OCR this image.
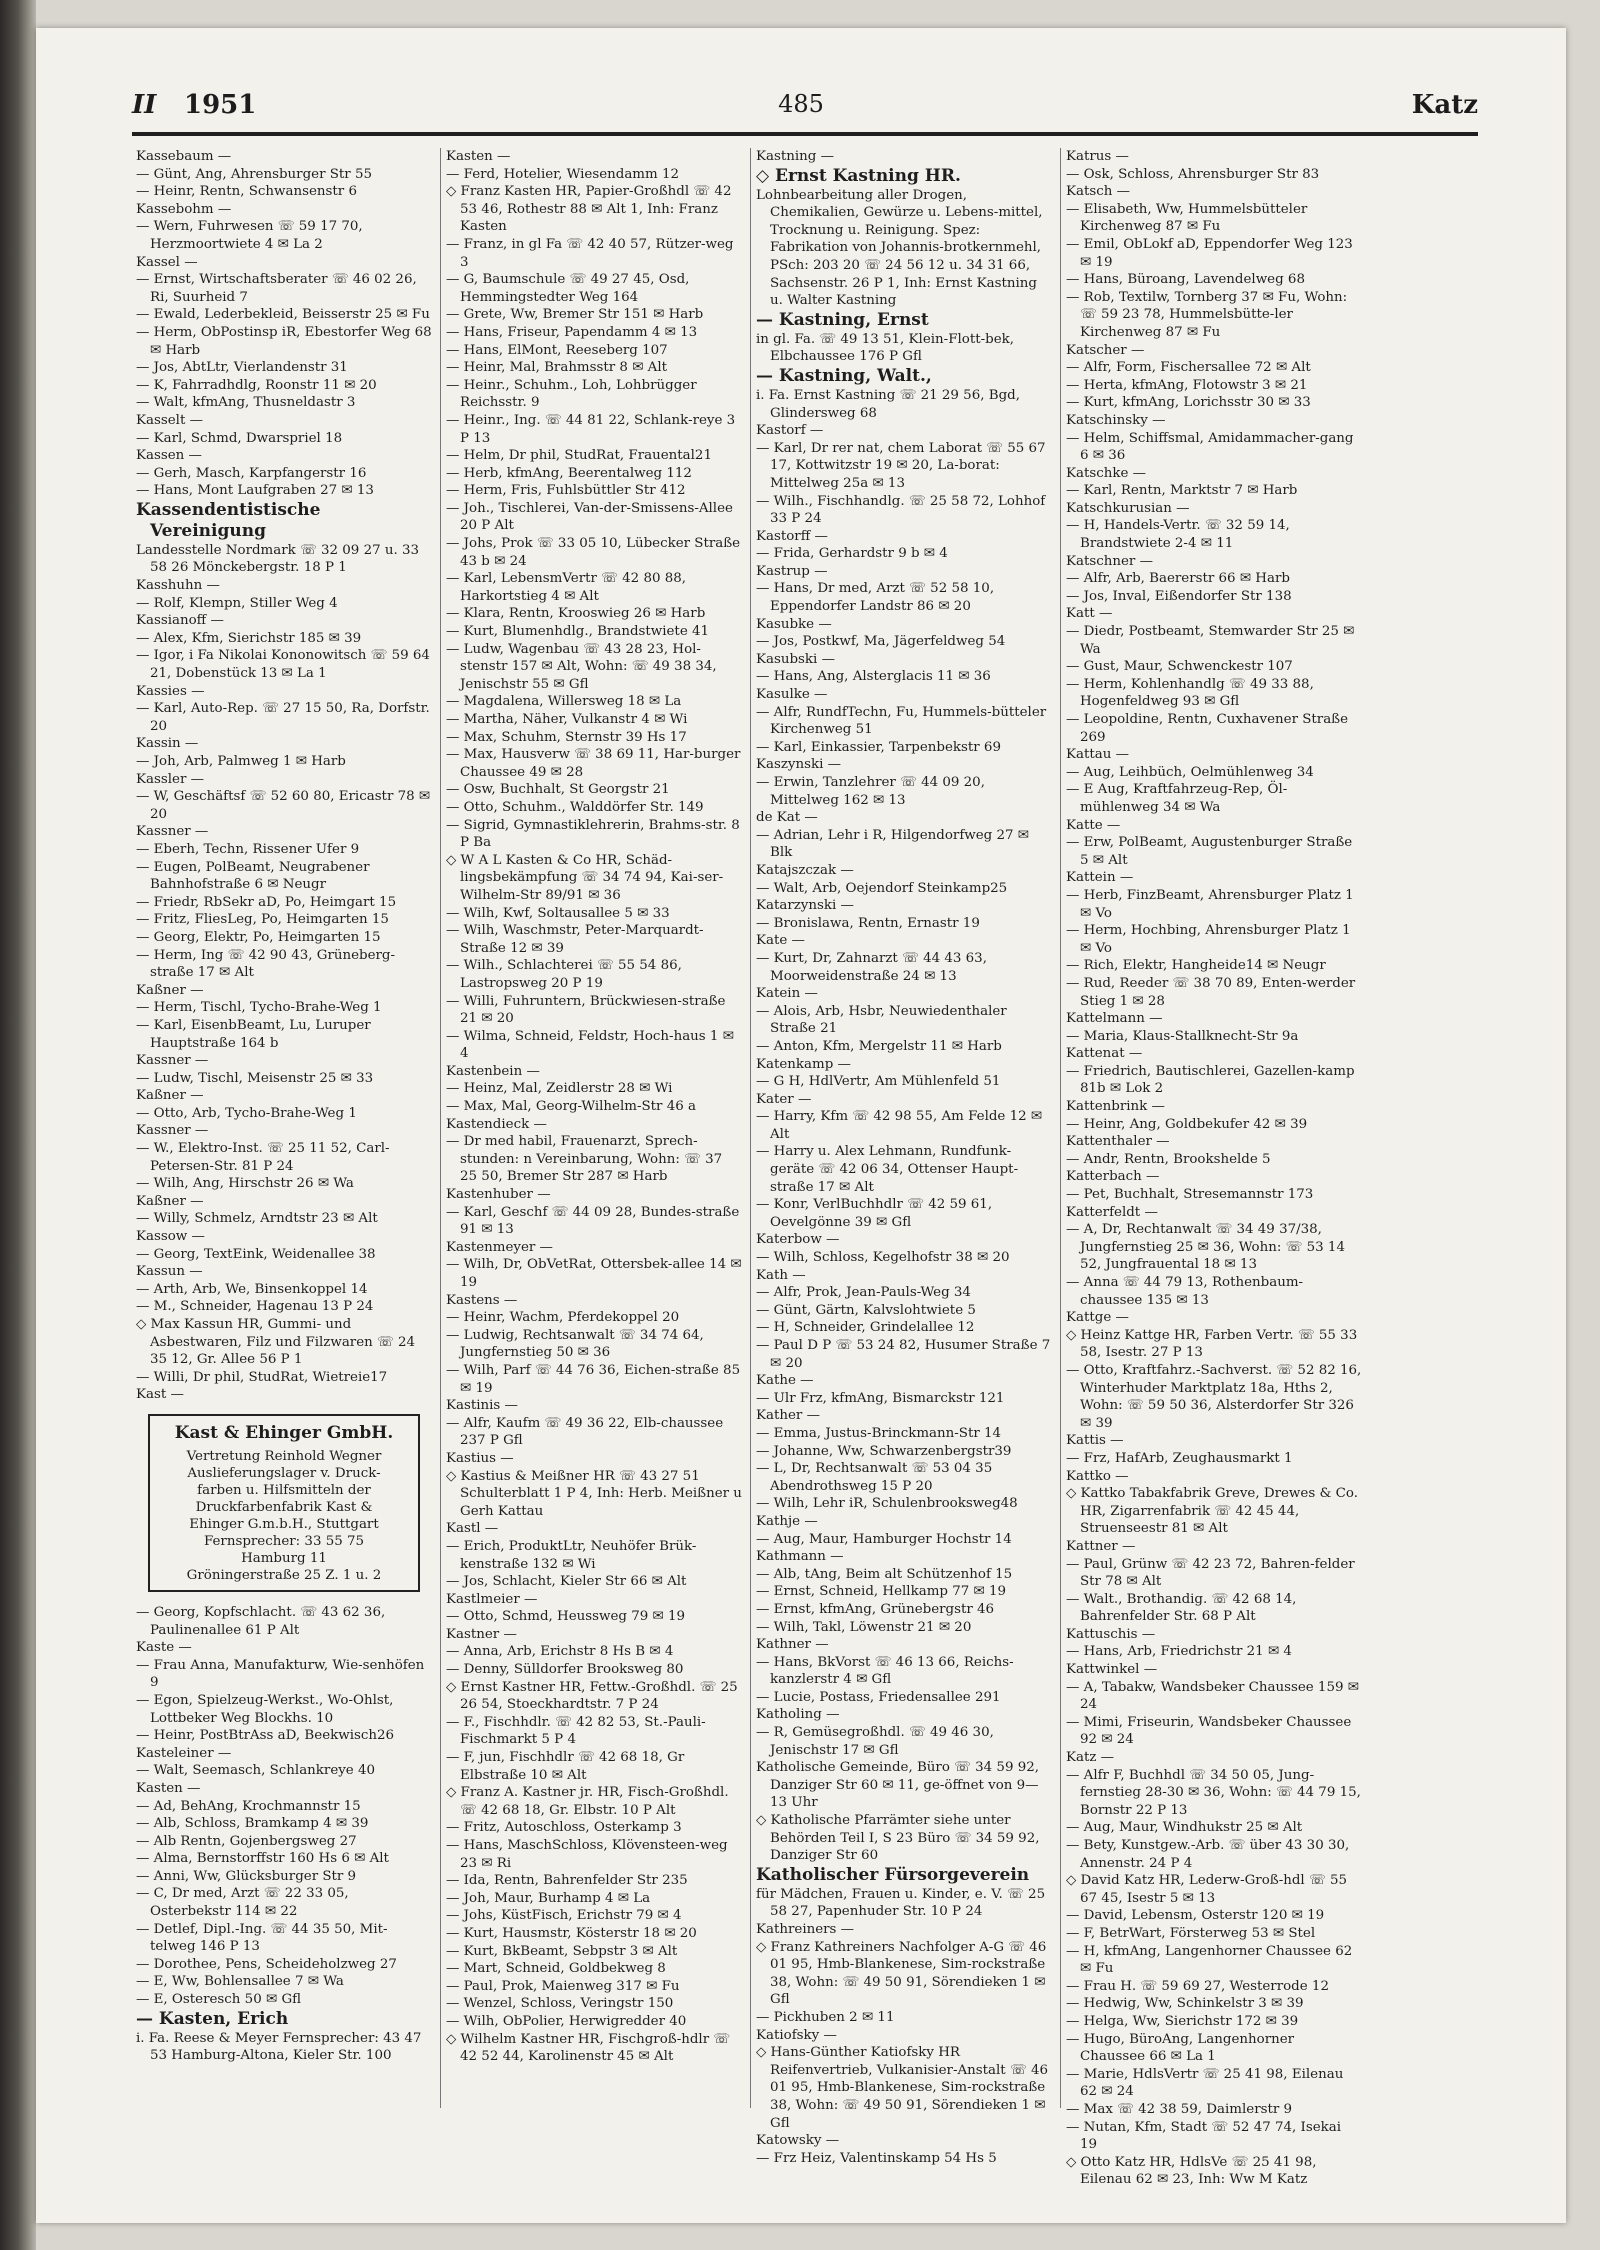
II 1951	485	Katz

Kassebaum —

— Günt, Ang, Ahrensburger Str 55

— Heinr, Rentn, Schwansenstr 6

Kassebohm —

— Wern, Fuhrwesen ☏ 59 17 70, Herzmoortwiete 4 ✉ La 2

Kassel —

— Ernst, Wirtschaftsberater ☏ 46 02 26, Ri, Suurheid 7

— Ewald, Lederbekleid, Beisserstr 25 ✉ Fu

— Herm, ObPostinsp iR, Ebestorfer Weg 68 ✉ Harb

— Jos, AbtLtr, Vierlandenstr 31

— K, Fahrradhdlg, Roonstr 11 ✉ 20

— Walt, kfmAng, Thusneldastr 3

Kasselt —

— Karl, Schmd, Dwarspriel 18

Kassen —

— Gerh, Masch, Karpfangerstr 16

— Hans, Mont Laufgraben 27 ✉ 13

Kassendentistische Vereinigung

Landesstelle Nordmark ☏ 32 09 27 u. 33 58 26 Mönckebergstr. 18 P 1

Kasshuhn —

— Rolf, Klempn, Stiller Weg 4

Kassianoff —

— Alex, Kfm, Sierichstr 185 ✉ 39

— Igor, i Fa Nikolai Kononowitsch ☏ 59 64 21, Dobenstück 13 ✉ La 1

Kassies —

— Karl, Auto-Rep. ☏ 27 15 50, Ra, Dorfstr. 20

Kassin —

— Joh, Arb, Palmweg 1 ✉ Harb

Kassler —

— W, Geschäftsf ☏ 52 60 80, Ericastr 78 ✉ 20

Kassner —

— Eberh, Techn, Rissener Ufer 9

— Eugen, PolBeamt, Neugrabener Bahnhofstraße 6 ✉ Neugr

— Friedr, RbSekr aD, Po, Heimgart 15

— Fritz, FliesLeg, Po, Heimgarten 15

— Georg, Elektr, Po, Heimgarten 15

— Herm, Ing ☏ 42 90 43, Grüneberg-straße 17 ✉ Alt

Kaßner —

— Herm, Tischl, Tycho-Brahe-Weg 1

— Karl, EisenbBeamt, Lu, Luruper Hauptstraße 164 b

Kassner —

— Ludw, Tischl, Meisenstr 25 ✉ 33

Kaßner —

— Otto, Arb, Tycho-Brahe-Weg 1

Kassner —

— W., Elektro-Inst. ☏ 25 11 52, Carl-Petersen-Str. 81 P 24

— Wilh, Ang, Hirschstr 26 ✉ Wa

Kaßner —

— Willy, Schmelz, Arndtstr 23 ✉ Alt

Kassow —

— Georg, TextEink, Weidenallee 38

Kassun —

— Arth, Arb, We, Binsenkoppel 14

— M., Schneider, Hagenau 13 P 24

◇ Max Kassun HR, Gummi- und Asbestwaren, Filz und Filzwaren ☏ 24 35 12, Gr. Allee 56 P 1

— Willi, Dr phil, StudRat, Wietreie17

Kast —

Kast & Ehinger GmbH.
Vertretung Reinhold Wegner
Auslieferungslager v. Druck-
farben u. Hilfsmitteln der
Druckfarbenfabrik Kast &
Ehinger G.m.b.H., Stuttgart
Fernsprecher: 33 55 75
Hamburg 11
Gröningerstraße 25 Z. 1 u. 2

— Georg, Kopfschlacht. ☏ 43 62 36, Paulinenallee 61 P Alt

Kaste —

— Frau Anna, Manufakturw, Wie-senhöfen 9

— Egon, Spielzeug-Werkst., Wo-Ohlst, Lottbeker Weg Blockhs. 10

— Heinr, PostBtrAss aD, Beekwisch26

Kasteleiner —

— Walt, Seemasch, Schlankreye 40

Kasten —

— Ad, BehAng, Krochmannstr 15

— Alb, Schloss, Bramkamp 4 ✉ 39

— Alb Rentn, Gojenbergsweg 27

— Alma, Bernstorffstr 160 Hs 6 ✉ Alt

— Anni, Ww, Glücksburger Str 9

— C, Dr med, Arzt ☏ 22 33 05, Osterbekstr 114 ✉ 22

— Detlef, Dipl.-Ing. ☏ 44 35 50, Mit-telweg 146 P 13

— Dorothee, Pens, Scheideholzweg 27

— E, Ww, Bohlensallee 7 ✉ Wa

— E, Osteresch 50 ✉ Gfl

— Kasten, Erich

i. Fa. Reese & Meyer Fernsprecher: 43 47 53 Hamburg-Altona, Kieler Str. 100

Kasten —

— Ferd, Hotelier, Wiesendamm 12

◇ Franz Kasten HR, Papier-Großhdl ☏ 42 53 46, Rothestr 88 ✉ Alt 1, Inh: Franz Kasten

— Franz, in gl Fa ☏ 42 40 57, Rützer-weg 3

— G, Baumschule ☏ 49 27 45, Osd, Hemmingstedter Weg 164

— Grete, Ww, Bremer Str 151 ✉ Harb

— Hans, Friseur, Papendamm 4 ✉ 13

— Hans, ElMont, Reeseberg 107

— Heinr, Mal, Brahmsstr 8 ✉ Alt

— Heinr., Schuhm., Loh, Lohbrügger Reichsstr. 9

— Heinr., Ing. ☏ 44 81 22, Schlank-reye 3 P 13

— Helm, Dr phil, StudRat, Frauental21

— Herb, kfmAng, Beerentalweg 112

— Herm, Fris, Fuhlsbüttler Str 412

— Joh., Tischlerei, Van-der-Smissens-Allee 20 P Alt

— Johs, Prok ☏ 33 05 10, Lübecker Straße 43 b ✉ 24

— Karl, LebensmVertr ☏ 42 80 88, Harkortstieg 4 ✉ Alt

— Klara, Rentn, Krooswieg 26 ✉ Harb

— Kurt, Blumenhdlg., Brandstwiete 41

— Ludw, Wagenbau ☏ 43 28 23, Hol-stenstr 157 ✉ Alt, Wohn: ☏ 49 38 34, Jenischstr 55 ✉ Gfl

— Magdalena, Willersweg 18 ✉ La

— Martha, Näher, Vulkanstr 4 ✉ Wi

— Max, Schuhm, Sternstr 39 Hs 17

— Max, Hausverw ☏ 38 69 11, Har-burger Chaussee 49 ✉ 28

— Osw, Buchhalt, St Georgstr 21

— Otto, Schuhm., Walddörfer Str. 149

— Sigrid, Gymnastiklehrerin, Brahms-str. 8 P Ba

◇ W A L Kasten & Co HR, Schäd-lingsbekämpfung ☏ 34 74 94, Kai-ser-Wilhelm-Str 89/91 ✉ 36

— Wilh, Kwf, Soltausallee 5 ✉ 33

— Wilh, Waschmstr, Peter-Marquardt-Straße 12 ✉ 39

— Wilh., Schlachterei ☏ 55 54 86, Lastropsweg 20 P 19

— Willi, Fuhruntern, Brückwiesen-straße 21 ✉ 20

— Wilma, Schneid, Feldstr, Hoch-haus 1 ✉ 4

Kastenbein —

— Heinz, Mal, Zeidlerstr 28 ✉ Wi

— Max, Mal, Georg-Wilhelm-Str 46 a

Kastendieck —

— Dr med habil, Frauenarzt, Sprech-stunden: n Vereinbarung, Wohn: ☏ 37 25 50, Bremer Str 287 ✉ Harb

Kastenhuber —

— Karl, Geschf ☏ 44 09 28, Bundes-straße 91 ✉ 13

Kastenmeyer —

— Wilh, Dr, ObVetRat, Ottersbek-allee 14 ✉ 19

Kastens —

— Heinr, Wachm, Pferdekoppel 20

— Ludwig, Rechtsanwalt ☏ 34 74 64, Jungfernstieg 50 ✉ 36

— Wilh, Parf ☏ 44 76 36, Eichen-straße 85 ✉ 19

Kastinis —

— Alfr, Kaufm ☏ 49 36 22, Elb-chaussee 237 P Gfl

Kastius —

◇ Kastius & Meißner HR ☏ 43 27 51 Schulterblatt 1 P 4, Inh: Herb. Meißner u Gerh Kattau

Kastl —

— Erich, ProduktLtr, Neuhöfer Brük-kenstraße 132 ✉ Wi

— Jos, Schlacht, Kieler Str 66 ✉ Alt

Kastlmeier —

— Otto, Schmd, Heussweg 79 ✉ 19

Kastner —

— Anna, Arb, Erichstr 8 Hs B ✉ 4

— Denny, Sülldorfer Brooksweg 80

◇ Ernst Kastner HR, Fettw.-Großhdl. ☏ 25 26 54, Stoeckhardtstr. 7 P 24

— F., Fischhdlr. ☏ 42 82 53, St.-Pauli-Fischmarkt 5 P 4

— F, jun, Fischhdlr ☏ 42 68 18, Gr Elbstraße 10 ✉ Alt

◇ Franz A. Kastner jr. HR, Fisch-Großhdl. ☏ 42 68 18, Gr. Elbstr. 10 P Alt

— Fritz, Autoschloss, Osterkamp 3

— Hans, MaschSchloss, Klövensteen-weg 23 ✉ Ri

— Ida, Rentn, Bahrenfelder Str 235

— Joh, Maur, Burhamp 4 ✉ La

— Johs, KüstFisch, Erichstr 79 ✉ 4

— Kurt, Hausmstr, Kösterstr 18 ✉ 20

— Kurt, BkBeamt, Sebpstr 3 ✉ Alt

— Mart, Schneid, Goldbekweg 8

— Paul, Prok, Maienweg 317 ✉ Fu

— Wenzel, Schloss, Veringstr 150

— Wilh, ObPolier, Herwigredder 40

◇ Wilhelm Kastner HR, Fischgroß-hdlr ☏ 42 52 44, Karolinenstr 45 ✉ Alt

Kastning —

◇ Ernst Kastning HR.

Lohnbearbeitung aller Drogen, Chemikalien, Gewürze u. Lebens-mittel, Trocknung u. Reinigung. Spez: Fabrikation von Johannis-brotkernmehl, PSch: 203 20 ☏ 24 56 12 u. 34 31 66, Sachsenstr. 26 P 1, Inh: Ernst Kastning u. Walter Kastning

— Kastning, Ernst

in gl. Fa. ☏ 49 13 51, Klein-Flott-bek, Elbchaussee 176 P Gfl

— Kastning, Walt.,

i. Fa. Ernst Kastning ☏ 21 29 56, Bgd, Glindersweg 68

Kastorf —

— Karl, Dr rer nat, chem Laborat ☏ 55 67 17, Kottwitzstr 19 ✉ 20, La-borat: Mittelweg 25a ✉ 13

— Wilh., Fischhandlg. ☏ 25 58 72, Lohhof 33 P 24

Kastorff —

— Frida, Gerhardstr 9 b ✉ 4

Kastrup —

— Hans, Dr med, Arzt ☏ 52 58 10, Eppendorfer Landstr 86 ✉ 20

Kasubke —

— Jos, Postkwf, Ma, Jägerfeldweg 54

Kasubski —

— Hans, Ang, Alsterglacis 11 ✉ 36

Kasulke —

— Alfr, RundfTechn, Fu, Hummels-bütteler Kirchenweg 51

— Karl, Einkassier, Tarpenbekstr 69

Kaszynski —

— Erwin, Tanzlehrer ☏ 44 09 20, Mittelweg 162 ✉ 13

de Kat —

— Adrian, Lehr i R, Hilgendorfweg 27 ✉ Blk

Katajszczak —

— Walt, Arb, Oejendorf Steinkamp25

Katarzynski —

— Bronislawa, Rentn, Ernastr 19

Kate —

— Kurt, Dr, Zahnarzt ☏ 44 43 63, Moorweidenstraße 24 ✉ 13

Katein —

— Alois, Arb, Hsbr, Neuwiedenthaler Straße 21

— Anton, Kfm, Mergelstr 11 ✉ Harb

Katenkamp —

— G H, HdlVertr, Am Mühlenfeld 51

Kater —

— Harry, Kfm ☏ 42 98 55, Am Felde 12 ✉ Alt

— Harry u. Alex Lehmann, Rundfunk-geräte ☏ 42 06 34, Ottenser Haupt-straße 17 ✉ Alt

— Konr, VerlBuchhdlr ☏ 42 59 61, Oevelgönne 39 ✉ Gfl

Katerbow —

— Wilh, Schloss, Kegelhofstr 38 ✉ 20

Kath —

— Alfr, Prok, Jean-Pauls-Weg 34

— Günt, Gärtn, Kalvslohtwiete 5

— H, Schneider, Grindelallee 12

— Paul D P ☏ 53 24 82, Husumer Straße 7 ✉ 20

Kathe —

— Ulr Frz, kfmAng, Bismarckstr 121

Kather —

— Emma, Justus-Brinckmann-Str 14

— Johanne, Ww, Schwarzenbergstr39

— L, Dr, Rechtsanwalt ☏ 53 04 35 Abendrothsweg 15 P 20

— Wilh, Lehr iR, Schulenbrooksweg48

Kathje —

— Aug, Maur, Hamburger Hochstr 14

Kathmann —

— Alb, tAng, Beim alt Schützenhof 15

— Ernst, Schneid, Hellkamp 77 ✉ 19

— Ernst, kfmAng, Grünebergstr 46

— Wilh, Takl, Löwenstr 21 ✉ 20

Kathner —

— Hans, BkVorst ☏ 46 13 66, Reichs-kanzlerstr 4 ✉ Gfl

— Lucie, Postass, Friedensallee 291

Katholing —

— R, Gemüsegroßhdl. ☏ 49 46 30, Jenischstr 17 ✉ Gfl

Katholische Gemeinde, Büro ☏ 34 59 92, Danziger Str 60 ✉ 11, ge-öffnet von 9—13 Uhr

◇ Katholische Pfarrämter siehe unter Behörden Teil I, S 23 Büro ☏ 34 59 92, Danziger Str 60

Katholischer Fürsorgeverein

für Mädchen, Frauen u. Kinder, e. V. ☏ 25 58 27, Papenhuder Str. 10 P 24

Kathreiners —

◇ Franz Kathreiners Nachfolger A-G ☏ 46 01 95, Hmb-Blankenese, Sim-rockstraße 38, Wohn: ☏ 49 50 91, Sörendieken 1 ✉ Gfl

— Pickhuben 2 ✉ 11

Katiofsky —

◇ Hans-Günther Katiofsky HR Reifenvertrieb, Vulkanisier-Anstalt ☏ 46 01 95, Hmb-Blankenese, Sim-rockstraße 38, Wohn: ☏ 49 50 91, Sörendieken 1 ✉ Gfl

Katowsky —

— Frz Heiz, Valentinskamp 54 Hs 5

Katrus —

— Osk, Schloss, Ahrensburger Str 83

Katsch —

— Elisabeth, Ww, Hummelsbütteler Kirchenweg 87 ✉ Fu

— Emil, ObLokf aD, Eppendorfer Weg 123 ✉ 19

— Hans, Büroang, Lavendelweg 68

— Rob, Textilw, Tornberg 37 ✉ Fu, Wohn: ☏ 59 23 78, Hummelsbütte-ler Kirchenweg 87 ✉ Fu

Katscher —

— Alfr, Form, Fischersallee 72 ✉ Alt

— Herta, kfmAng, Flotowstr 3 ✉ 21

— Kurt, kfmAng, Lorichsstr 30 ✉ 33

Katschinsky —

— Helm, Schiffsmal, Amidammacher-gang 6 ✉ 36

Katschke —

— Karl, Rentn, Marktstr 7 ✉ Harb

Katschkurusian —

— H, Handels-Vertr. ☏ 32 59 14, Brandstwiete 2-4 ✉ 11

Katschner —

— Alfr, Arb, Baererstr 66 ✉ Harb

— Jos, Inval, Eißendorfer Str 138

Katt —

— Diedr, Postbeamt, Stemwarder Str 25 ✉ Wa

— Gust, Maur, Schwenckestr 107

— Herm, Kohlenhandlg ☏ 49 33 88, Hogenfeldweg 93 ✉ Gfl

— Leopoldine, Rentn, Cuxhavener Straße 269

Kattau —

— Aug, Leihbüch, Oelmühlenweg 34

— E Aug, Kraftfahrzeug-Rep, Öl-mühlenweg 34 ✉ Wa

Katte —

— Erw, PolBeamt, Augustenburger Straße 5 ✉ Alt

Kattein —

— Herb, FinzBeamt, Ahrensburger Platz 1 ✉ Vo

— Herm, Hochbing, Ahrensburger Platz 1 ✉ Vo

— Rich, Elektr, Hangheide14 ✉ Neugr

— Rud, Reeder ☏ 38 70 89, Enten-werder Stieg 1 ✉ 28

Kattelmann —

— Maria, Klaus-Stallknecht-Str 9a

Kattenat —

— Friedrich, Bautischlerei, Gazellen-kamp 81b ✉ Lok 2

Kattenbrink —

— Heinr, Ang, Goldbekufer 42 ✉ 39

Kattenthaler —

— Andr, Rentn, Brookshelde 5

Katterbach —

— Pet, Buchhalt, Stresemannstr 173

Katterfeldt —

— A, Dr, Rechtanwalt ☏ 34 49 37/38, Jungfernstieg 25 ✉ 36, Wohn: ☏ 53 14 52, Jungfrauental 18 ✉ 13

— Anna ☏ 44 79 13, Rothenbaum-chaussee 135 ✉ 13

Kattge —

◇ Heinz Kattge HR, Farben Vertr. ☏ 55 33 58, Isestr. 27 P 13

— Otto, Kraftfahrz.-Sachverst. ☏ 52 82 16, Winterhuder Marktplatz 18a, Hths 2, Wohn: ☏ 59 50 36, Alsterdorfer Str 326 ✉ 39

Kattis —

— Frz, HafArb, Zeughausmarkt 1

Kattko —

◇ Kattko Tabakfabrik Greve, Drewes & Co. HR, Zigarrenfabrik ☏ 42 45 44, Struenseestr 81 ✉ Alt

Kattner —

— Paul, Grünw ☏ 42 23 72, Bahren-felder Str 78 ✉ Alt

— Walt., Brothandig. ☏ 42 68 14, Bahrenfelder Str. 68 P Alt

Kattuschis —

— Hans, Arb, Friedrichstr 21 ✉ 4

Kattwinkel —

— A, Tabakw, Wandsbeker Chaussee 159 ✉ 24

— Mimi, Friseurin, Wandsbeker Chaussee 92 ✉ 24

Katz —

— Alfr F, Buchhdl ☏ 34 50 05, Jung-fernstieg 28-30 ✉ 36, Wohn: ☏ 44 79 15, Bornstr 22 P 13

— Aug, Maur, Windhukstr 25 ✉ Alt

— Bety, Kunstgew.-Arb. ☏ über 43 30 30, Annenstr. 24 P 4

◇ David Katz HR, Lederw-Groß-hdl ☏ 55 67 45, Isestr 5 ✉ 13

— David, Lebensm, Osterstr 120 ✉ 19

— F, BetrWart, Försterweg 53 ✉ Stel

— H, kfmAng, Langenhorner Chaussee 62 ✉ Fu

— Frau H. ☏ 59 69 27, Westerrode 12

— Hedwig, Ww, Schinkelstr 3 ✉ 39

— Helga, Ww, Sierichstr 172 ✉ 39

— Hugo, BüroAng, Langenhorner Chaussee 66 ✉ La 1

— Marie, HdlsVertr ☏ 25 41 98, Eilenau 62 ✉ 24

— Max ☏ 42 38 59, Daimlerstr 9

— Nutan, Kfm, Stadt ☏ 52 47 74, Isekai 19

◇ Otto Katz HR, HdlsVe ☏ 25 41 98, Eilenau 62 ✉ 23, Inh: Ww M Katz
